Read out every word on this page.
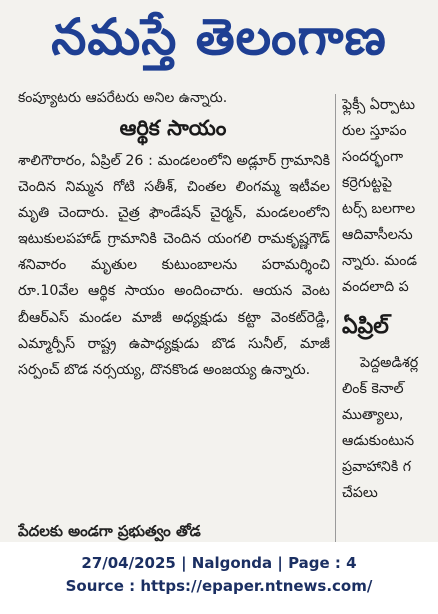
నమస్తే తెలంగాణ
కంప్యూటరు ఆపరేటరు అనిల ఉన్నారు.
ఆర్థిక సాయం

శాలిగౌరారం, ఏప్రిల్ 26 : మండలంలోని అడ్లూర్ గ్రామానికి చెందిన నిమ్మన గోటి సతీశ్, చింతల లింగమ్మ ఇటీవల మృతి చెందారు. చైత్ర ఫౌండేషన్ చైర్మన్, మండలంలోని ఇటుకులపహాడ్ గ్రామానికి చెందిన యంగలి రామకృష్ణగౌడ్ శనివారం మృతుల కుటుంబాలను పరామర్శించి రూ.10వేల ఆర్థిక సాయం అందించారు. ఆయన వెంట బీఆర్ఎస్ మండల మాజీ అధ్యక్షుడు కట్టా వెంకట్‌రెడ్డి, ఎమ్మార్పీస్ రాష్ట్ర ఉపాధ్యక్షుడు బొడ సునీల్, మాజీ సర్పంచ్ బొడ నర్సయ్య, దొనకొండ అంజయ్య ఉన్నారు.

పేదలకు అండగా ప్రభుత్వం తోడ
ఫ్లెక్సీ ఏర్పాటు
రుల స్తూపం
సందర్భంగా
కర్రెగుట్టపై
టర్స్ బలగాల
ఆదివాసీలను
న్నారు. మండ
వందలాది ప
ఏప్రిల్
పెద్దఅడిశర్ల
లింక్ కెనాల్
ముత్యాలు,
ఆడుకుంటున
ప్రవాహానికి గ
చేపలు
27/04/2025 | Nalgonda | Page : 4
Source : https://epaper.ntnews.com/
